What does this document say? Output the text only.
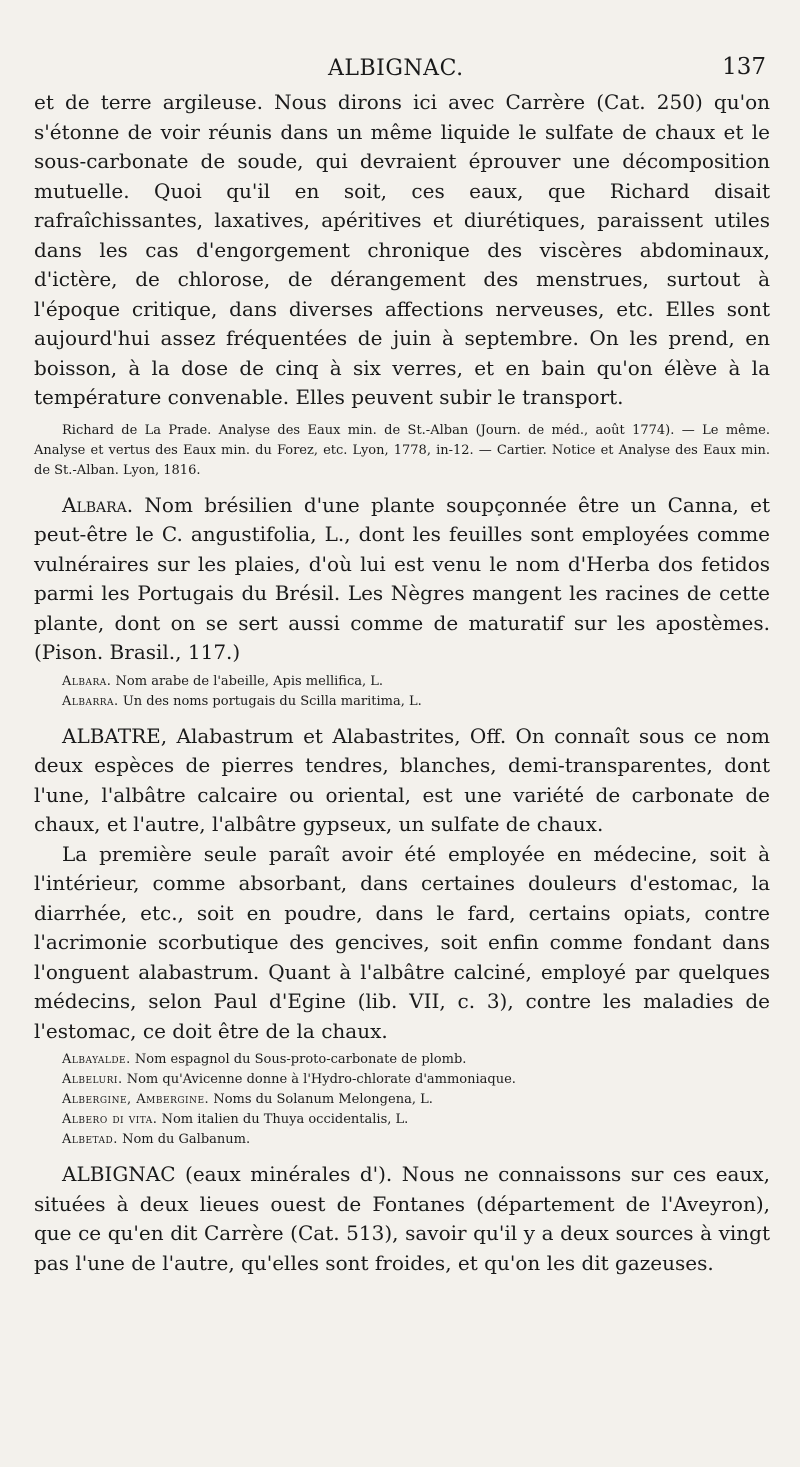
ALBIGNAC.	137

et de terre argileuse. Nous dirons ici avec Carrère (Cat. 250) qu'on s'étonne de voir réunis dans un même liquide le sulfate de chaux et le sous-carbonate de soude, qui devraient éprouver une décomposition mutuelle. Quoi qu'il en soit, ces eaux, que Richard disait rafraîchissantes, laxatives, apéritives et diurétiques, paraissent utiles dans les cas d'engorgement chronique des viscères abdominaux, d'ictère, de chlorose, de dérangement des menstrues, surtout à l'époque critique, dans diverses affections nerveuses, etc. Elles sont aujourd'hui assez fréquentées de juin à septembre. On les prend, en boisson, à la dose de cinq à six verres, et en bain qu'on élève à la température convenable. Elles peuvent subir le transport.

Richard de La Prade. Analyse des Eaux min. de St.-Alban (Journ. de méd., août 1774). — Le même. Analyse et vertus des Eaux min. du Forez, etc. Lyon, 1778, in-12. — Cartier. Notice et Analyse des Eaux min. de St.-Alban. Lyon, 1816.

Albara. Nom brésilien d'une plante soupçonnée être un Canna, et peut-être le C. angustifolia, L., dont les feuilles sont employées comme vulnéraires sur les plaies, d'où lui est venu le nom d'Herba dos fetidos parmi les Portugais du Brésil. Les Nègres mangent les racines de cette plante, dont on se sert aussi comme de maturatif sur les apostèmes. (Pison. Brasil., 117.)

Albara. Nom arabe de l'abeille, Apis mellifica, L.

Albarra. Un des noms portugais du Scilla maritima, L.

ALBATRE, Alabastrum et Alabastrites, Off. On connaît sous ce nom deux espèces de pierres tendres, blanches, demi-transparentes, dont l'une, l'albâtre calcaire ou oriental, est une variété de carbonate de chaux, et l'autre, l'albâtre gypseux, un sulfate de chaux.

La première seule paraît avoir été employée en médecine, soit à l'intérieur, comme absorbant, dans certaines douleurs d'estomac, la diarrhée, etc., soit en poudre, dans le fard, certains opiats, contre l'acrimonie scorbutique des gencives, soit enfin comme fondant dans l'onguent alabastrum. Quant à l'albâtre calciné, employé par quelques médecins, selon Paul d'Egine (lib. VII, c. 3), contre les maladies de l'estomac, ce doit être de la chaux.

Albayalde. Nom espagnol du Sous-proto-carbonate de plomb.

Albeluri. Nom qu'Avicenne donne à l'Hydro-chlorate d'ammoniaque.

Albergine, Ambergine. Noms du Solanum Melongena, L.

Albero di vita. Nom italien du Thuya occidentalis, L.

Albetad. Nom du Galbanum.

ALBIGNAC (eaux minérales d'). Nous ne connaissons sur ces eaux, situées à deux lieues ouest de Fontanes (département de l'Aveyron), que ce qu'en dit Carrère (Cat. 513), savoir qu'il y a deux sources à vingt pas l'une de l'autre, qu'elles sont froides, et qu'on les dit gazeuses.
